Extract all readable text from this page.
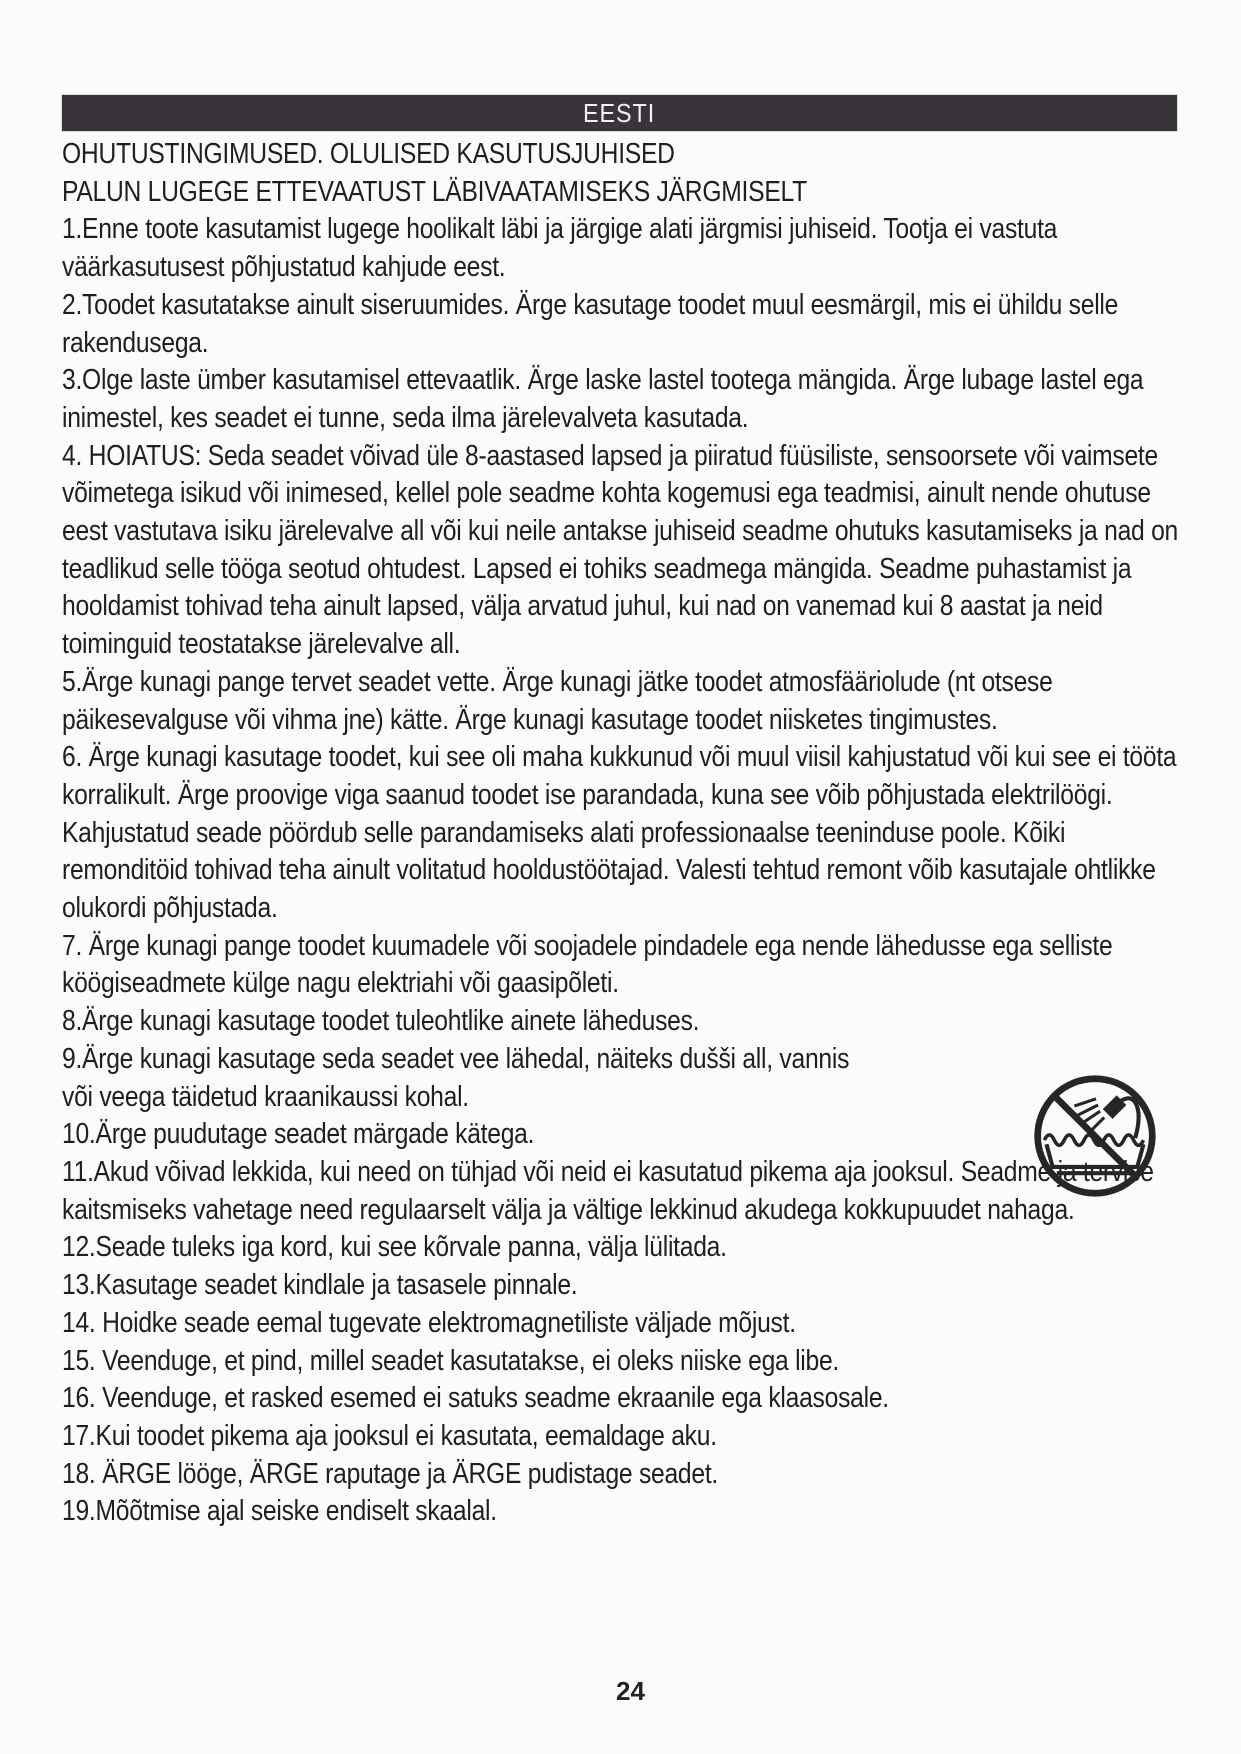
EESTI

OHUTUSTINGIMUSED. OLULISED KASUTUSJUHISED

PALUN LUGEGE ETTEVAATUST LÄBIVAATAMISEKS JÄRGMISELT

1.Enne toote kasutamist lugege hoolikalt läbi ja järgige alati järgmisi juhiseid. Tootja ei vastuta väärkasutusest põhjustatud kahjude eest.

2.Toodet kasutatakse ainult siseruumides. Ärge kasutage toodet muul eesmärgil, mis ei ühildu selle rakendusega.

3.Olge laste ümber kasutamisel ettevaatlik. Ärge laske lastel tootega mängida. Ärge lubage lastel ega inimestel, kes seadet ei tunne, seda ilma järelevalveta kasutada.

4. HOIATUS: Seda seadet võivad üle 8-aastased lapsed ja piiratud füüsiliste, sensoorsete või vaimsete võimetega isikud või inimesed, kellel pole seadme kohta kogemusi ega teadmisi, ainult nende ohutuse eest vastutava isiku järelevalve all või kui neile antakse juhiseid seadme ohutuks kasutamiseks ja nad on teadlikud selle tööga seotud ohtudest. Lapsed ei tohiks seadmega mängida. Seadme puhastamist ja hooldamist tohivad teha ainult lapsed, välja arvatud juhul, kui nad on vanemad kui 8 aastat ja neid toiminguid teostatakse järelevalve all.

5.Ärge kunagi pange tervet seadet vette. Ärge kunagi jätke toodet atmosfääriolude (nt otsese päikesevalguse või vihma jne) kätte. Ärge kunagi kasutage toodet niisketes tingimustes.

6. Ärge kunagi kasutage toodet, kui see oli maha kukkunud või muul viisil kahjustatud või kui see ei tööta korralikult. Ärge proovige viga saanud toodet ise parandada, kuna see võib põhjustada elektrilöögi. Kahjustatud seade pöördub selle parandamiseks alati professionaalse teeninduse poole. Kõiki remonditöid tohivad teha ainult volitatud hooldustöötajad. Valesti tehtud remont võib kasutajale ohtlikke olukordi põhjustada.

7. Ärge kunagi pange toodet kuumadele või soojadele pindadele ega nende lähedusse ega selliste köögiseadmete külge nagu elektriahi või gaasipõleti.

8.Ärge kunagi kasutage toodet tuleohtlike ainete läheduses.

9.Ärge kunagi kasutage seda seadet vee lähedal, näiteks dušši all, vannis või veega täidetud kraanikaussi kohal.

10.Ärge puudutage seadet märgade kätega.

11.Akud võivad lekkida, kui need on tühjad või neid ei kasutatud pikema aja jooksul. Seadme ja tervise kaitsmiseks vahetage need regulaarselt välja ja vältige lekkinud akudega kokkupuudet nahaga.

12.Seade tuleks iga kord, kui see kõrvale panna, välja lülitada.

13.Kasutage seadet kindlale ja tasasele pinnale.

14. Hoidke seade eemal tugevate elektromagnetiliste väljade mõjust.

15. Veenduge, et pind, millel seadet kasutatakse, ei oleks niiske ega libe.

16. Veenduge, et rasked esemed ei satuks seadme ekraanile ega klaasosale.

17.Kui toodet pikema aja jooksul ei kasutata, eemaldage aku.

18. ÄRGE lööge, ÄRGE raputage ja ÄRGE pudistage seadet.

19.Mõõtmise ajal seiske endiselt skaalal.

24
